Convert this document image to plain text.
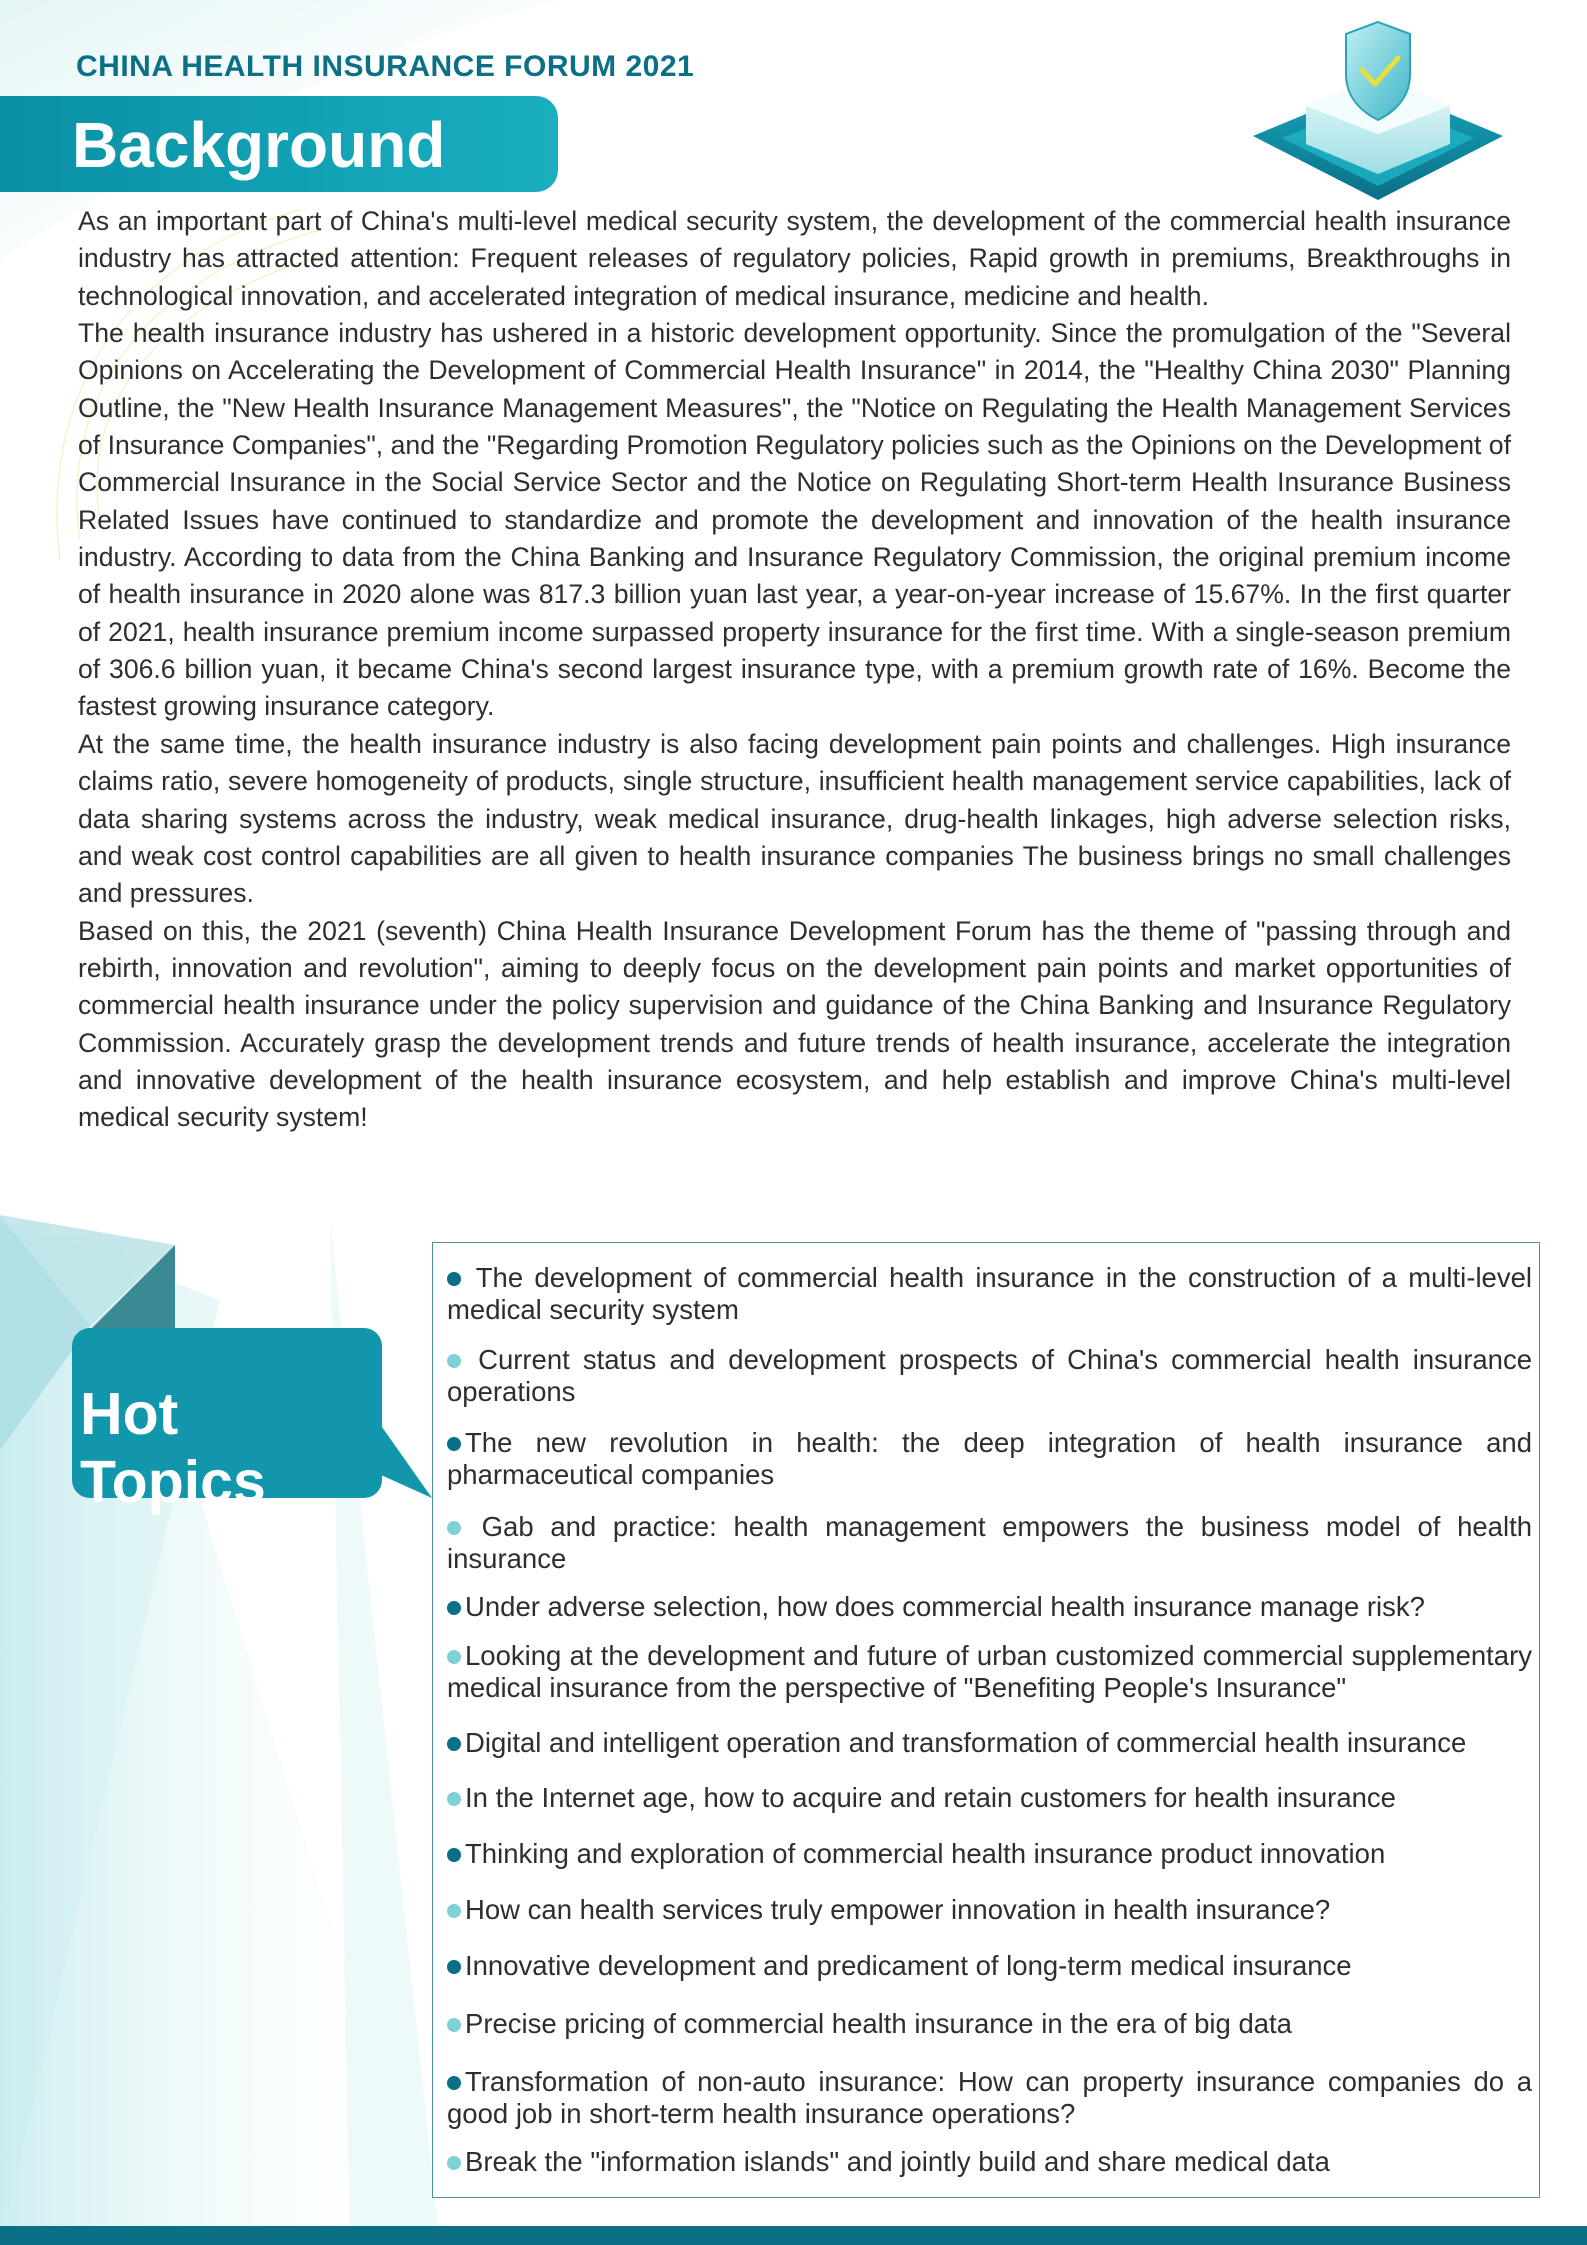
CHINA HEALTH INSURANCE FORUM 2021
Background

As an important part of China's multi-level medical security system, the development of the commercial health insurance industry has attracted attention: Frequent releases of regulatory policies, Rapid growth in premiums, Breakthroughs in technological innovation, and accelerated integration of medical insurance, medicine and health.

The health insurance industry has ushered in a historic development opportunity. Since the promulgation of the "Several Opinions on Accelerating the Development of Commercial Health Insurance" in 2014, the "Healthy China 2030" Planning Outline, the "New Health Insurance Management Measures", the "Notice on Regulating the Health Management Services of Insurance Companies", and the "Regarding Promotion Regulatory policies such as the Opinions on the Development of Commercial Insurance in the Social Service Sector and the Notice on Regulating Short-term Health Insurance Business Related Issues have continued to standardize and promote the development and innovation of the health insurance industry. According to data from the China Banking and Insurance Regulatory Commission, the original premium income of health insurance in 2020 alone was 817.3 billion yuan last year, a year-on-year increase of 15.67%. In the first quarter of 2021, health insurance premium income surpassed property insurance for the first time. With a single-season premium of 306.6 billion yuan, it became China's second largest insurance type, with a premium growth rate of 16%. Become the fastest growing insurance category.

At the same time, the health insurance industry is also facing development pain points and challenges. High insurance claims ratio, severe homogeneity of products, single structure, insufficient health management service capabilities, lack of data sharing systems across the industry, weak medical insurance, drug-health linkages, high adverse selection risks, and weak cost control capabilities are all given to health insurance companies The business brings no small challenges and pressures.

Based on this, the 2021 (seventh) China Health Insurance Development Forum has the theme of "passing through and rebirth, innovation and revolution", aiming to deeply focus on the development pain points and market opportunities of commercial health insurance under the policy supervision and guidance of the China Banking and Insurance Regulatory Commission. Accurately grasp the development trends and future trends of health insurance, accelerate the integration and innovative development of the health insurance ecosystem, and help establish and improve China's multi-level medical security system!

Hot Topics
The development of commercial health insurance in the construction of a multi-level medical security system
Current status and development prospects of China's commercial health insurance operations
The new revolution in health: the deep integration of health insurance and pharmaceutical companies
Gab and practice: health management empowers the business model of health insurance
Under adverse selection, how does commercial health insurance manage risk?
Looking at the development and future of urban customized commercial supplementary medical insurance from the perspective of "Benefiting People's Insurance"
Digital and intelligent operation and transformation of commercial health insurance
In the Internet age, how to acquire and retain customers for health insurance
Thinking and exploration of commercial health insurance product innovation
How can health services truly empower innovation in health insurance?
Innovative development and predicament of long-term medical insurance
Precise pricing of commercial health insurance in the era of big data
Transformation of non-auto insurance: How can property insurance companies do a good job in short-term health insurance operations?
Break the "information islands" and jointly build and share medical data
